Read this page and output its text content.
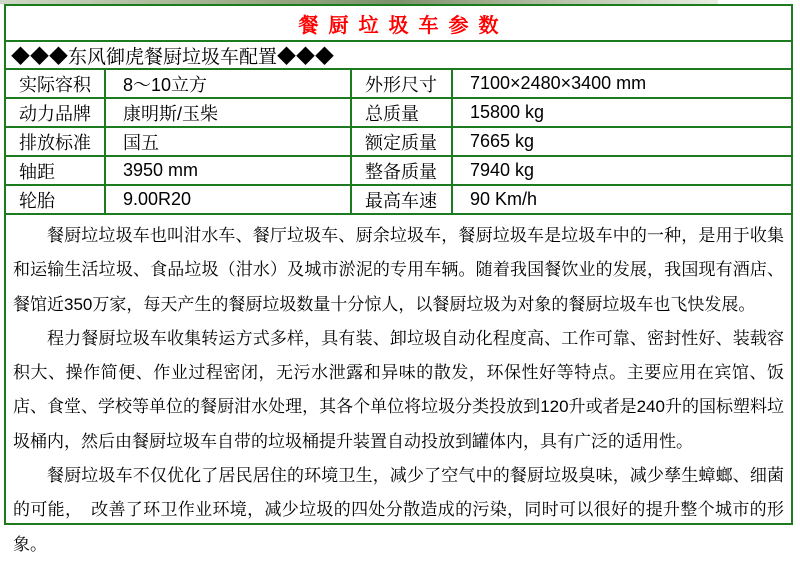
餐厨垃圾车参数
◆◆◆东风御虎餐厨垃圾车配置◆◆◆
实际容积	8～10立方	外形尺寸	7100×2480×3400 mm
动力品牌	康明斯/玉柴	总质量	15800 kg
排放标准	国五	额定质量	7665 kg
轴距	3950 mm	整备质量	7940 kg
轮胎	9.00R20	最高车速	90 Km/h

餐厨垃垃圾车也叫泔水车、餐厅垃圾车、厨余垃圾车，餐厨垃圾车是垃圾车中的一种，是用于收集和运输生活垃圾、食品垃圾（泔水）及城市淤泥的专用车辆。随着我国餐饮业的发展，我国现有酒店、餐馆近350万家，每天产生的餐厨垃圾数量十分惊人，以餐厨垃圾为对象的餐厨垃圾车也飞快发展。

程力餐厨垃圾车收集转运方式多样，具有装、卸垃圾自动化程度高、工作可靠、密封性好、装载容积大、操作简便、作业过程密闭，无污水泄露和异味的散发，环保性好等特点。主要应用在宾馆、饭店、食堂、学校等单位的餐厨泔水处理，其各个单位将垃圾分类投放到120升或者是240升的国标塑料垃圾桶内，然后由餐厨垃圾车自带的垃圾桶提升装置自动投放到罐体内，具有广泛的适用性。

餐厨垃圾车不仅优化了居民居住的环境卫生，减少了空气中的餐厨垃圾臭味，减少孳生蟑螂、细菌的可能，　改善了环卫作业环境，减少垃圾的四处分散造成的污染，同时可以很好的提升整个城市的形象。
